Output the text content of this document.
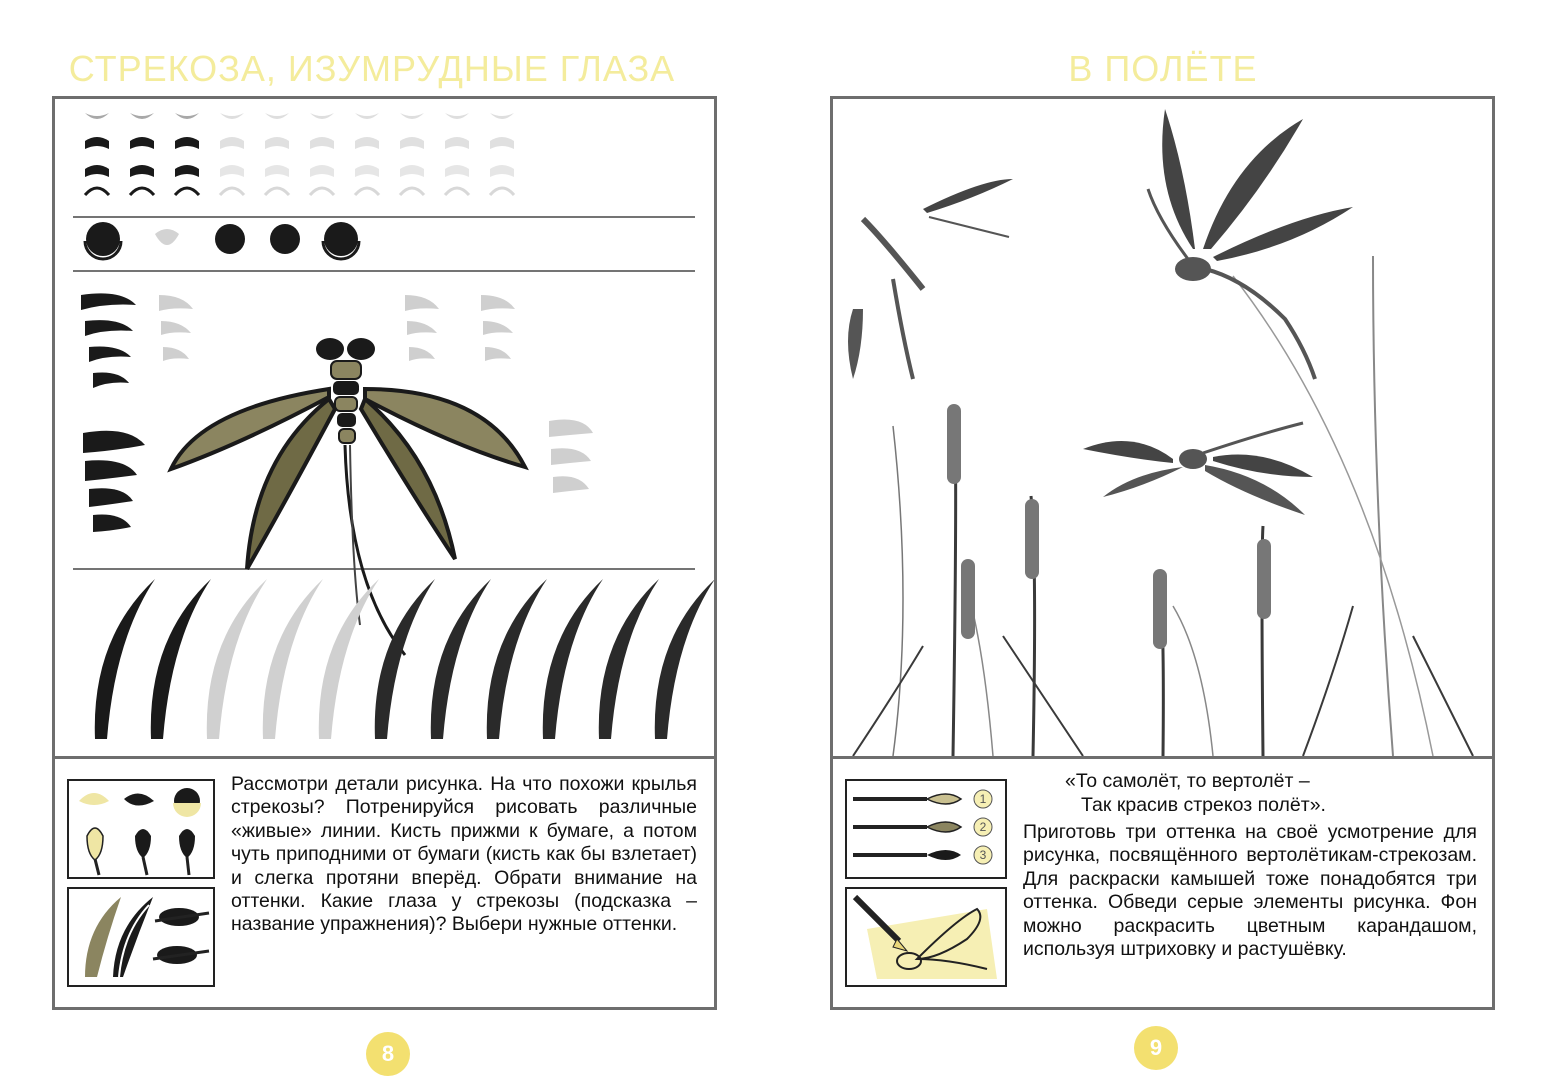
СТРЕКОЗА, ИЗУМРУДНЫЕ ГЛАЗА
Рассмотри детали рисунка. На что похожи крылья стрекозы? Потренируйся рисовать различные «живые» линии. Кисть прижми к бумаге, а потом чуть приподними от бумаги (кисть как бы взлетает) и слегка протяни вперёд. Обрати внимание на оттенки. Какие глаза у стрекозы (подсказка – название упражнения)? Выбери нужные оттенки.
8
В ПОЛЁТЕ
1
2
3
«То самолёт, то вертолёт –
Так красив стрекоз полёт».
Приготовь три оттенка на своё усмотрение для рисунка, посвящённого вертолётикам-стрекозам. Для раскраски камышей тоже понадобятся три оттенка. Обведи серые элементы рисунка. Фон можно раскрасить цветным карандашом, используя штриховку и растушёвку.
9
